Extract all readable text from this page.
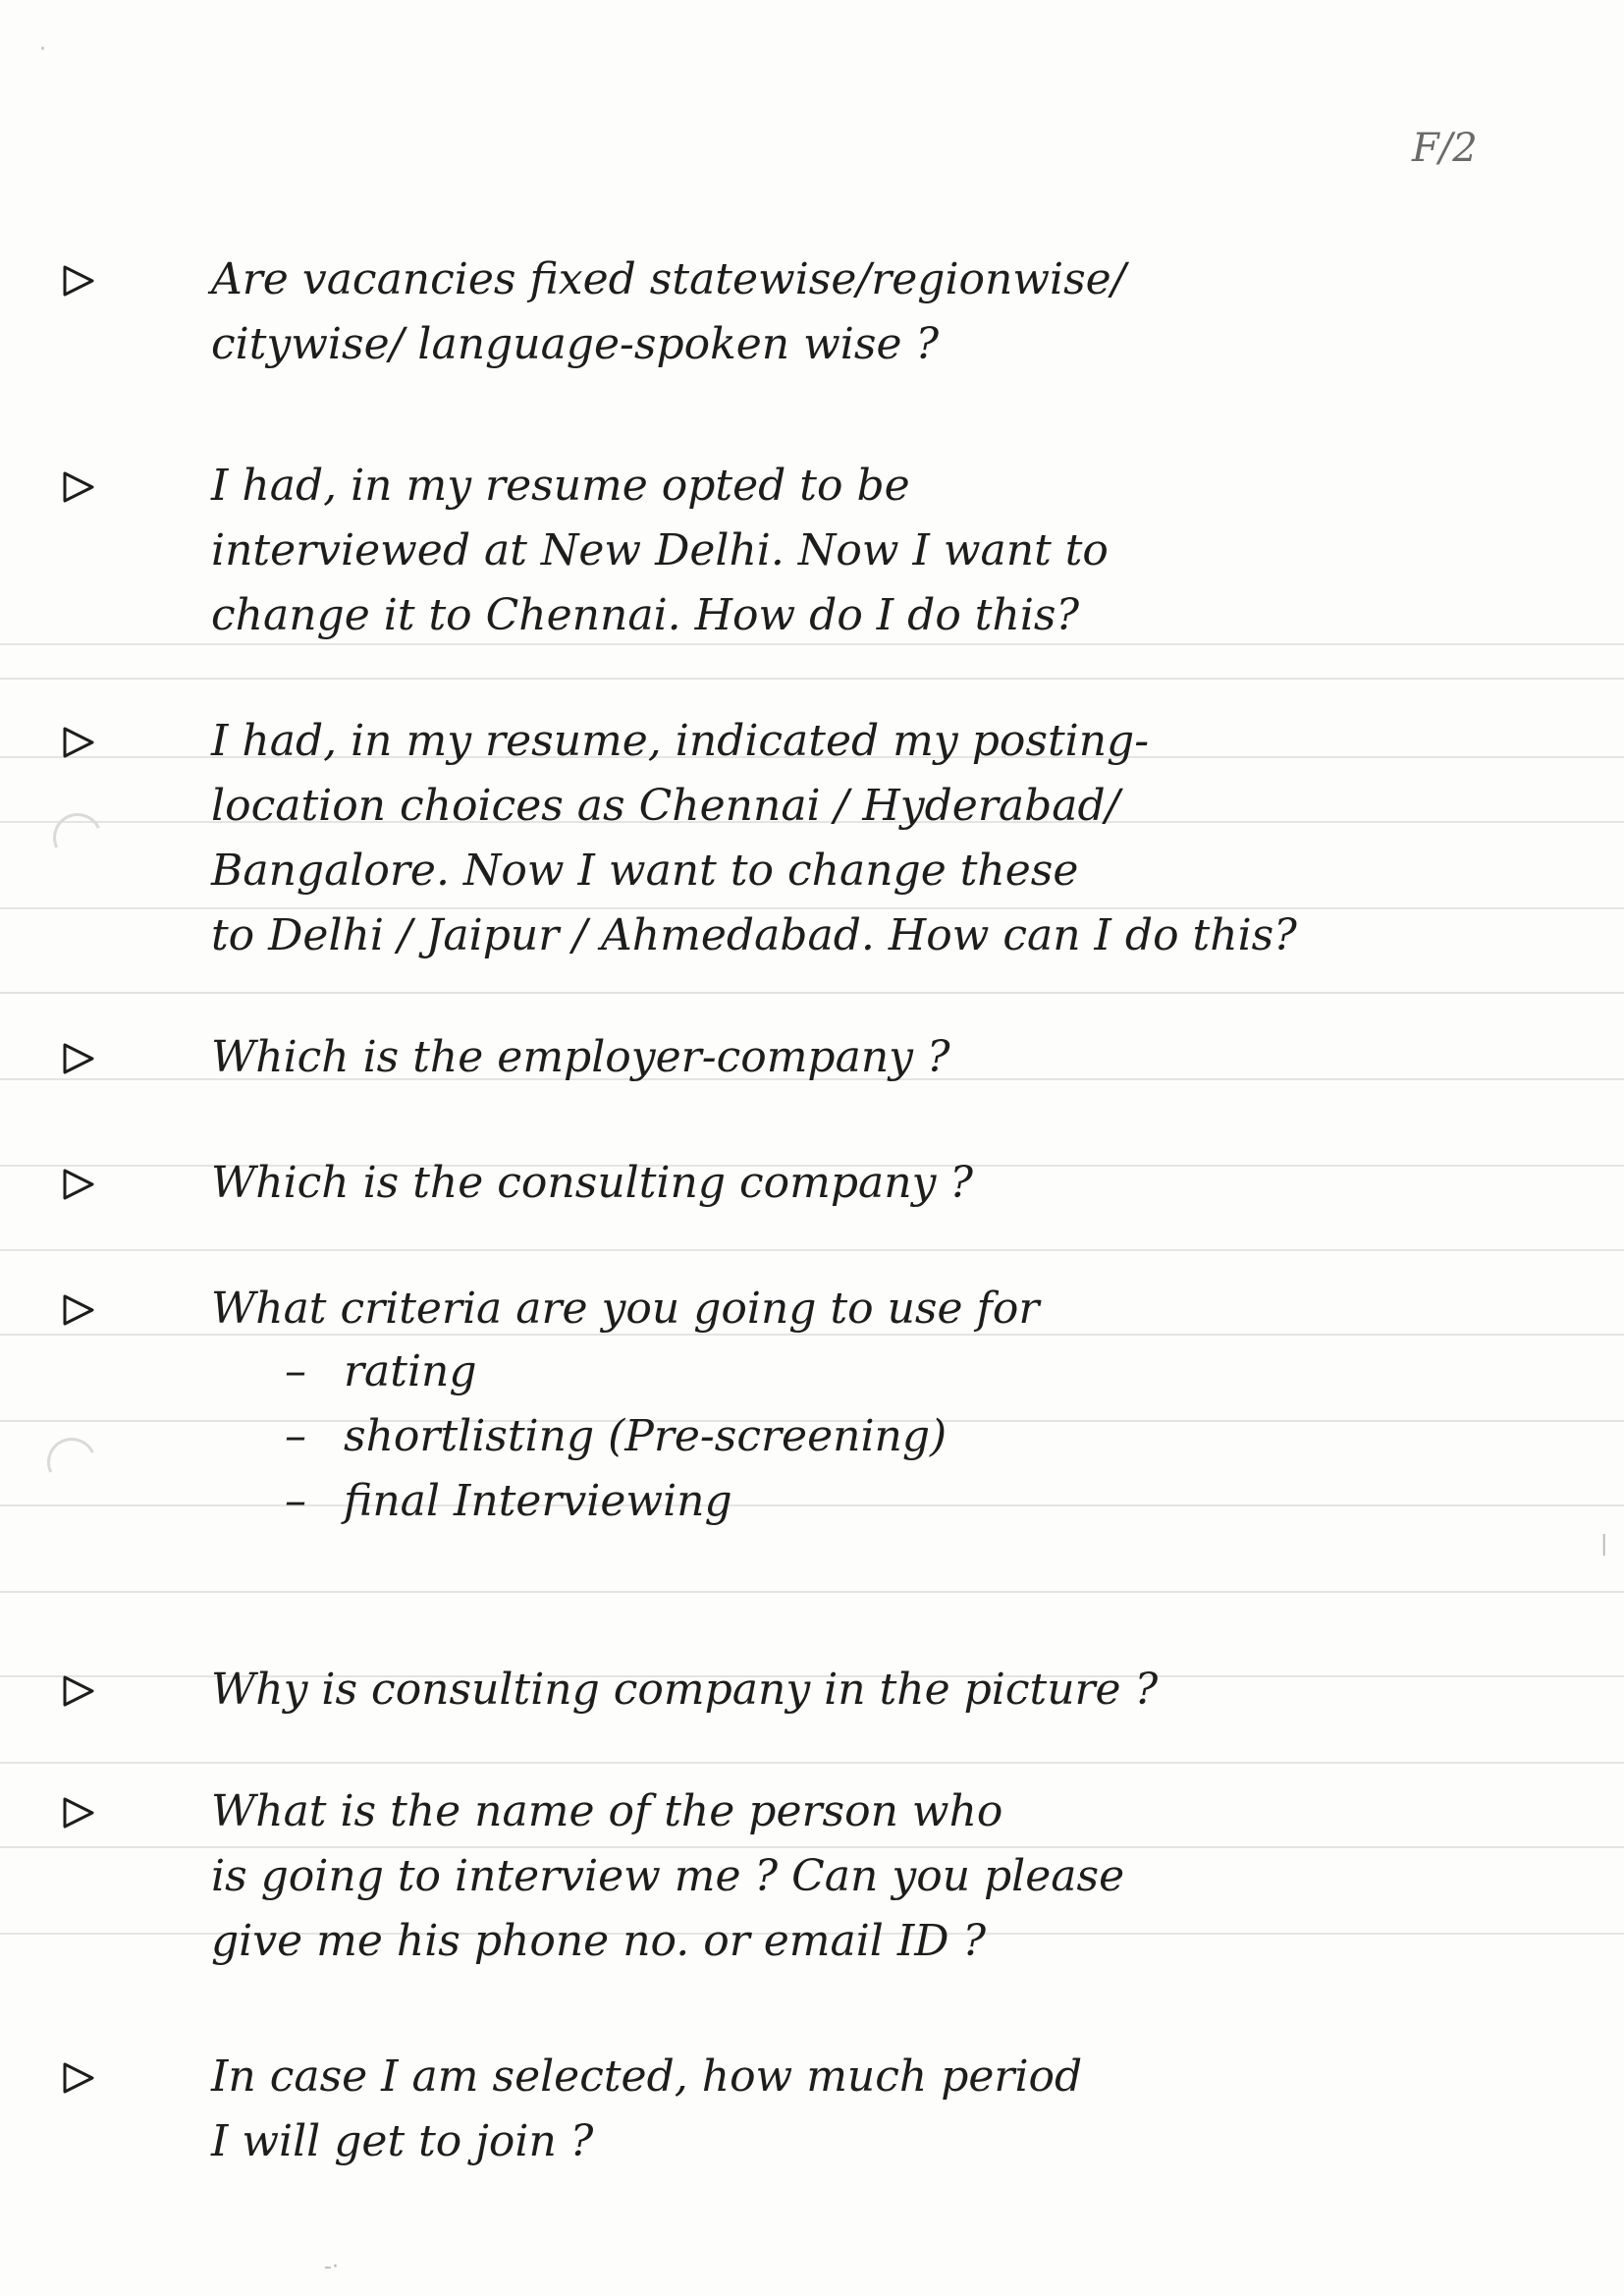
·
|
-·
F/2

Are vacancies fixed statewise/regionwise/
citywise/ language-spoken wise ?

I had, in my resume opted to be
interviewed at New Delhi. Now I want to
change it to Chennai. How do I do this?

I had, in my resume, indicated my posting-
location choices as Chennai / Hyderabad/
Bangalore. Now I want to change these
to Delhi / Jaipur / Ahmedabad. How can I do this?

Which is the employer-company ?

Which is the consulting company ?

What criteria are you going to use for

– rating
– shortlisting (Pre-screening)
– final Interviewing

Why is consulting company in the picture ?

What is the name of the person who
is going to interview me ? Can you please
give me his phone no. or email ID ?

In case I am selected, how much period
I will get to join ?
